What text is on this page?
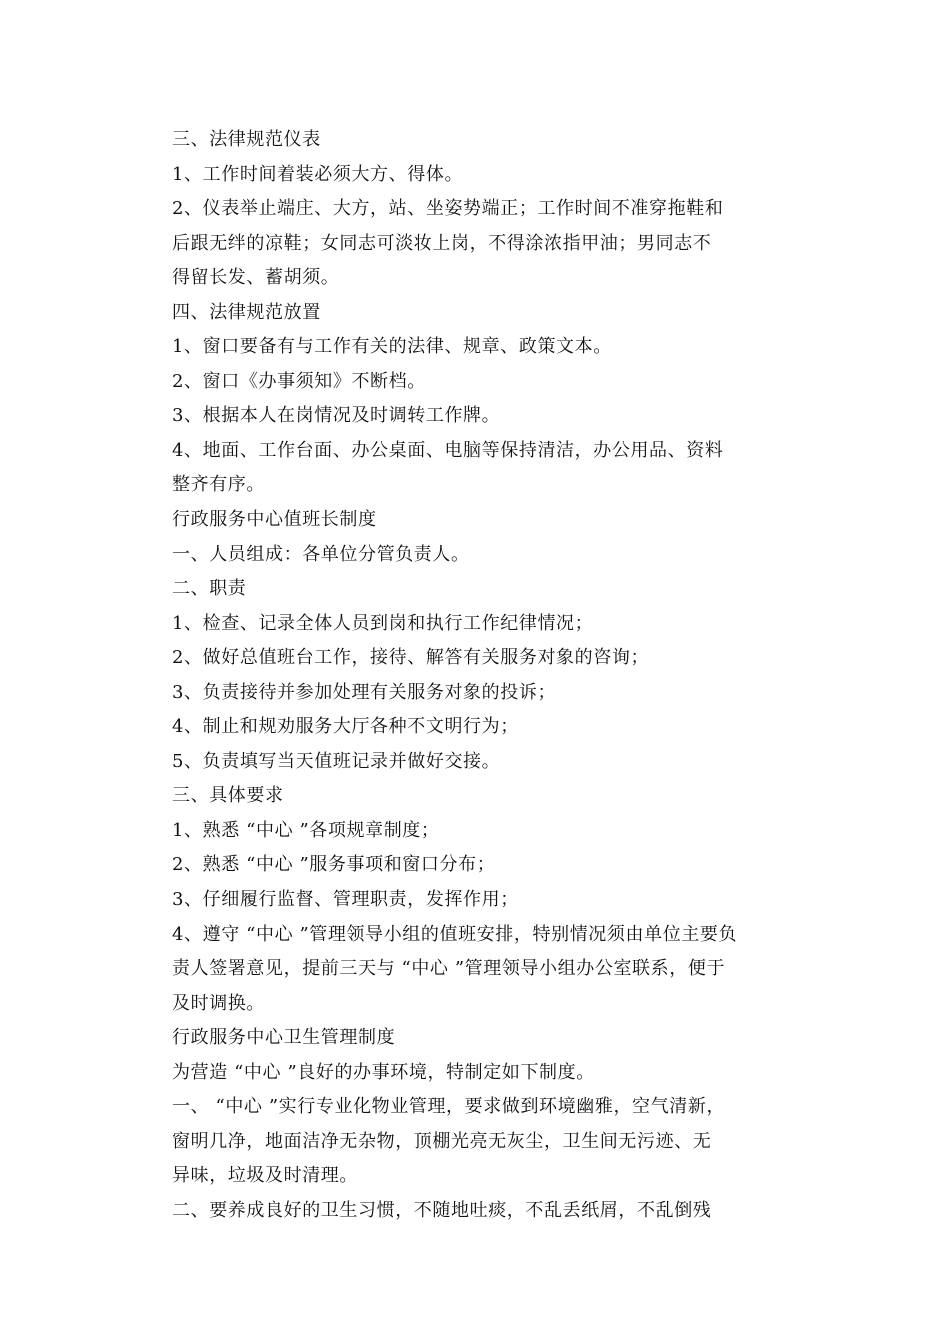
三、法律规范仪表

1、工作时间着装必须大方、得体。

2、仪表举止端庄、大方，站、坐姿势端正；工作时间不准穿拖鞋和

后跟无绊的凉鞋；女同志可淡妆上岗，不得涂浓指甲油；男同志不

得留长发、蓄胡须。

四、法律规范放置

1、窗口要备有与工作有关的法律、规章、政策文本。

2、窗口《办事须知》不断档。

3、根据本人在岗情况及时调转工作牌。

4、地面、工作台面、办公桌面、电脑等保持清洁，办公用品、资料

整齐有序。

行政服务中心值班长制度

一、人员组成：各单位分管负责人。

二、职责

1、检查、记录全体人员到岗和执行工作纪律情况；

2、做好总值班台工作，接待、解答有关服务对象的咨询；

3、负责接待并参加处理有关服务对象的投诉；

4、制止和规劝服务大厅各种不文明行为；

5、负责填写当天值班记录并做好交接。

三、具体要求

1、熟悉 “中心 ”各项规章制度；

2、熟悉 “中心 ”服务事项和窗口分布；

3、仔细履行监督、管理职责，发挥作用；

4、遵守 “中心 ”管理领导小组的值班安排，特别情况须由单位主要负

责人签署意见，提前三天与 “中心 ”管理领导小组办公室联系，便于

及时调换。

行政服务中心卫生管理制度

为营造 “中心 ”良好的办事环境，特制定如下制度。

一、 “中心 ”实行专业化物业管理，要求做到环境幽雅，空气清新，

窗明几净，地面洁净无杂物，顶棚光亮无灰尘，卫生间无污迹、无

异味，垃圾及时清理。

二、要养成良好的卫生习惯，不随地吐痰，不乱丢纸屑，不乱倒残
